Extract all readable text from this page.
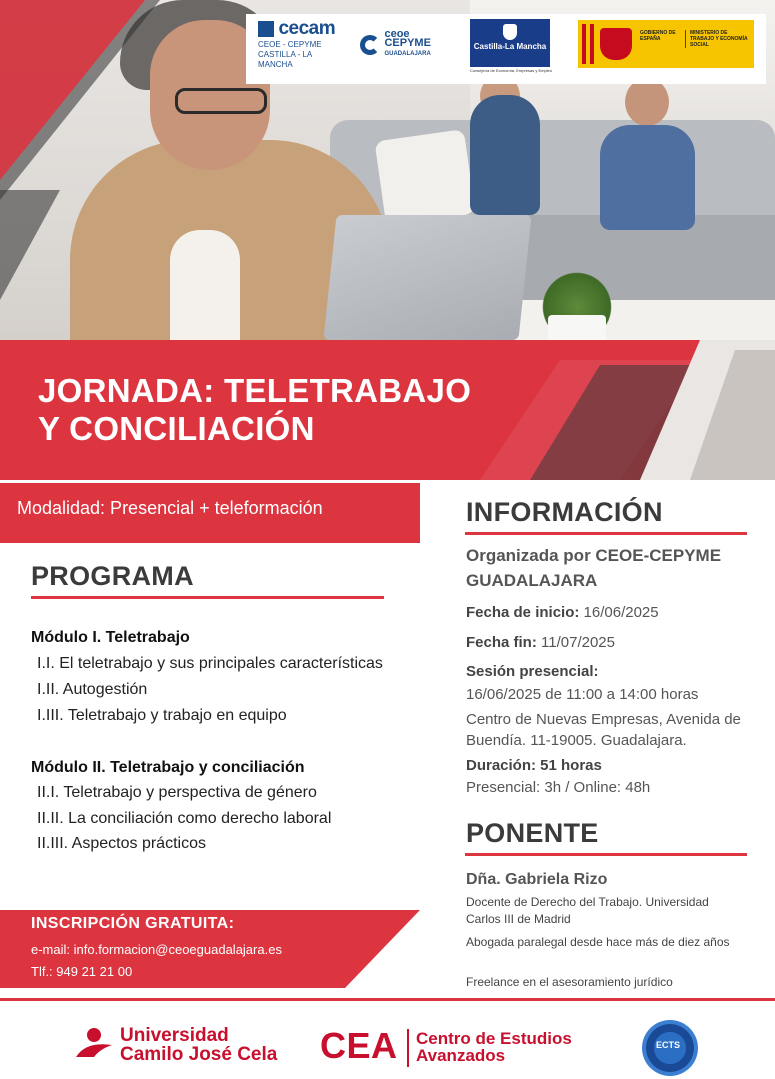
cecam
CEOE - CEPYME CASTILLA - LA MANCHA
ceoe
CEPYME
GUADALAJARA
Castilla-La Mancha
Consejería de Economía, Empresas y Empleo
GOBIERNO DE ESPAÑA
MINISTERIO DE TRABAJO Y ECONOMÍA SOCIAL
JORNADA: TELETRABAJO
Y CONCILIACIÓN
Modalidad: Presencial + teleformación
PROGRAMA
Módulo I. Teletrabajo
I.I. El teletrabajo y sus principales características
I.II. Autogestión
I.III. Teletrabajo y trabajo en equipo
Módulo II. Teletrabajo y conciliación
II.I. Teletrabajo y perspectiva de género
II.II. La conciliación como derecho laboral
II.III. Aspectos prácticos
INSCRIPCIÓN GRATUITA:
e-mail: info.formacion@ceoeguadalajara.es
Tlf.: 949 21 21 00
INFORMACIÓN
Organizada por CEOE-CEPYME
GUADALAJARA
Fecha de inicio: 16/06/2025
Fecha fin: 11/07/2025
Sesión presencial:
16/06/2025 de 11:00 a 14:00 horas
Centro de Nuevas Empresas, Avenida de
Buendía. 11-19005. Guadalajara.
Duración: 51 horas
Presencial: 3h / Online: 48h
PONENTE
Dña. Gabriela Rizo
Docente de Derecho del Trabajo. Universidad Carlos III de Madrid
Abogada paralegal desde hace más de diez años
Freelance en el asesoramiento jurídico
Universidad
Camilo José Cela CEA Centro de Estudios
Avanzados
ECTS
